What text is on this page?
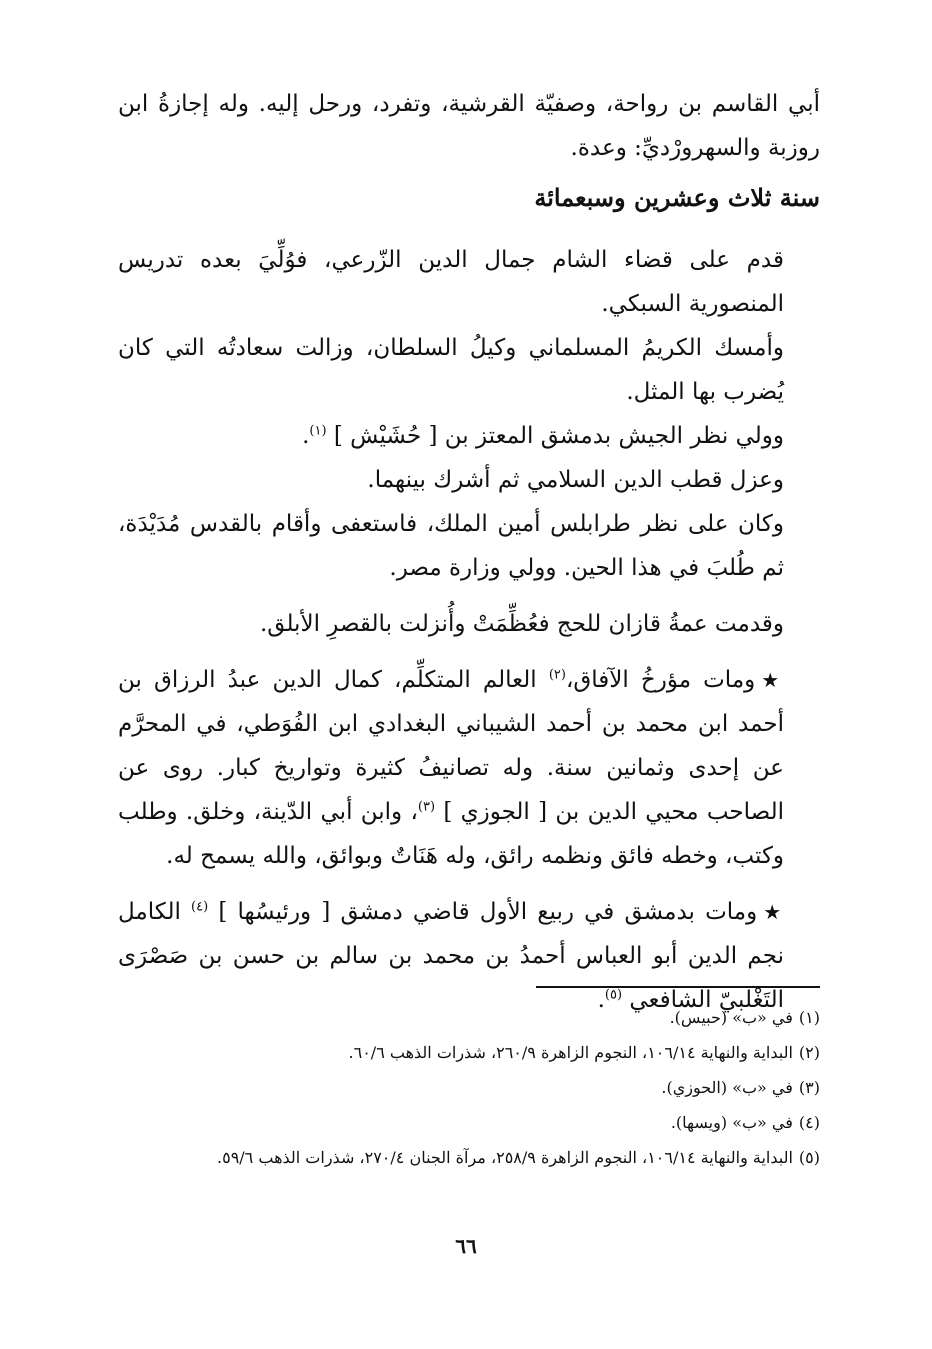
أبي القاسم بن رواحة، وصفيّة القرشية، وتفرد، ورحل إليه. وله إجازةُ ابن روزبة والسهرورْديِّ: وعدة.

سنة ثلاث وعشرين وسبعمائة

قدم على قضاء الشام جمال الدين الزّرعي، فوُلِّيَ بعده تدريس المنصورية السبكي.

وأمسك الكريمُ المسلماني وكيلُ السلطان، وزالت سعادتُه التي كان يُضرب بها المثل.

وولي نظر الجيش بدمشق المعتز بن [ حُشَيْش ] $^{(١)}$.

وعزل قطب الدين السلامي ثم أشرك بينهما.

وكان على نظر طرابلس أمين الملك، فاستعفى وأقام بالقدس مُدَيْدَة، ثم طُلبَ في هذا الحين. وولي وزارة مصر.

وقدمت عمةُ قازان للحج فعُظِّمَتْ وأُنزلت بالقصرِ الأبلق.

★ومات مؤرخُ الآفاق،$^{(٢)}$ العالم المتكلِّم، كمال الدين عبدُ الرزاق بن أحمد ابن محمد بن أحمد الشيباني البغدادي ابن الفُوَطي، في المحرَّم عن إحدى وثمانين سنة. وله تصانيفُ كثيرة وتواريخ كبار. روى عن الصاحب محيي الدين بن [ الجوزي ] $^{(٣)}$، وابن أبي الدّينة، وخلق. وطلب وكتب، وخطه فائق ونظمه رائق، وله هَنَاتٌ وبوائق، والله يسمح له.

★ومات بدمشق في ربيع الأول قاضي دمشق [ ورئيسُها ] $^{(٤)}$ الكامل نجم الدين أبو العباس أحمدُ بن محمد بن سالم بن حسن بن صَصْرَى التَغْلبيّ الشافعي $^{(٥)}$.

(١)في «ب» (حبيس).

(٢)البداية والنهاية ١٠٦/١٤، النجوم الزاهرة ٢٦٠/٩، شذرات الذهب ٦٠/٦.

(٣)في «ب» (الحوزي).

(٤)في «ب» (ويسها).

(٥)البداية والنهاية ١٠٦/١٤، النجوم الزاهرة ٢٥٨/٩، مرآة الجنان ٢٧٠/٤، شذرات الذهب ٥٩/٦.

٦٦
